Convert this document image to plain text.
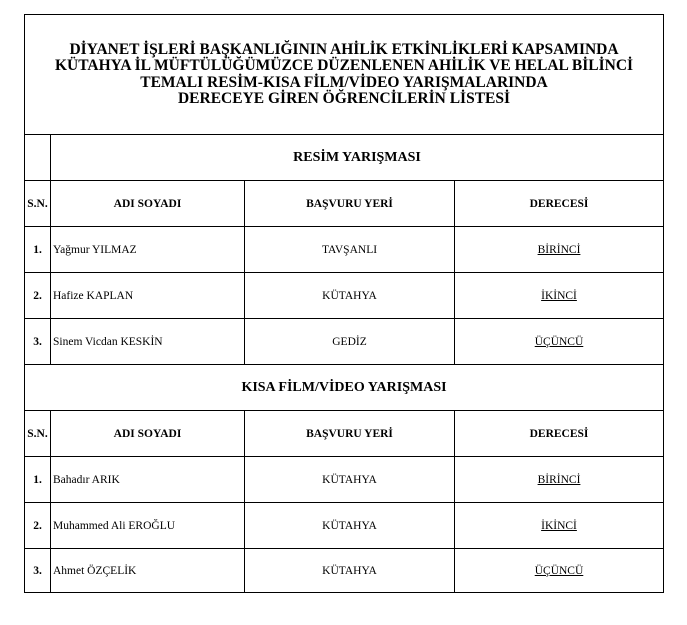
DİYANET İŞLERİ BAŞKANLIĞININ AHİLİK ETKİNLİKLERİ KAPSAMINDA
KÜTAHYA İL MÜFTÜLÜĞÜMÜZCE DÜZENLENEN AHİLİK VE HELAL BİLİNCİ
TEMALI RESİM-KISA FİLM/VİDEO YARIŞMALARINDA
DERECEYE GİREN ÖĞRENCİLERİN LİSTESİ			

	RESİM YARIŞMASI		
S.N.	ADI SOYADI	BAŞVURU YERİ	DERECESİ
1.	Yağmur YILMAZ	TAVŞANLI	BİRİNCİ
2.	Hafize KAPLAN	KÜTAHYA	İKİNCİ
3.	Sinem Vicdan KESKİN	GEDİZ	ÜÇÜNCÜ
KISA FİLM/VİDEO YARIŞMASI			
S.N.	ADI SOYADI	BAŞVURU YERİ	DERECESİ
1.	Bahadır ARIK	KÜTAHYA	BİRİNCİ
2.	Muhammed Ali EROĞLU	KÜTAHYA	İKİNCİ
3.	Ahmet ÖZÇELİK	KÜTAHYA	ÜÇÜNCÜ
